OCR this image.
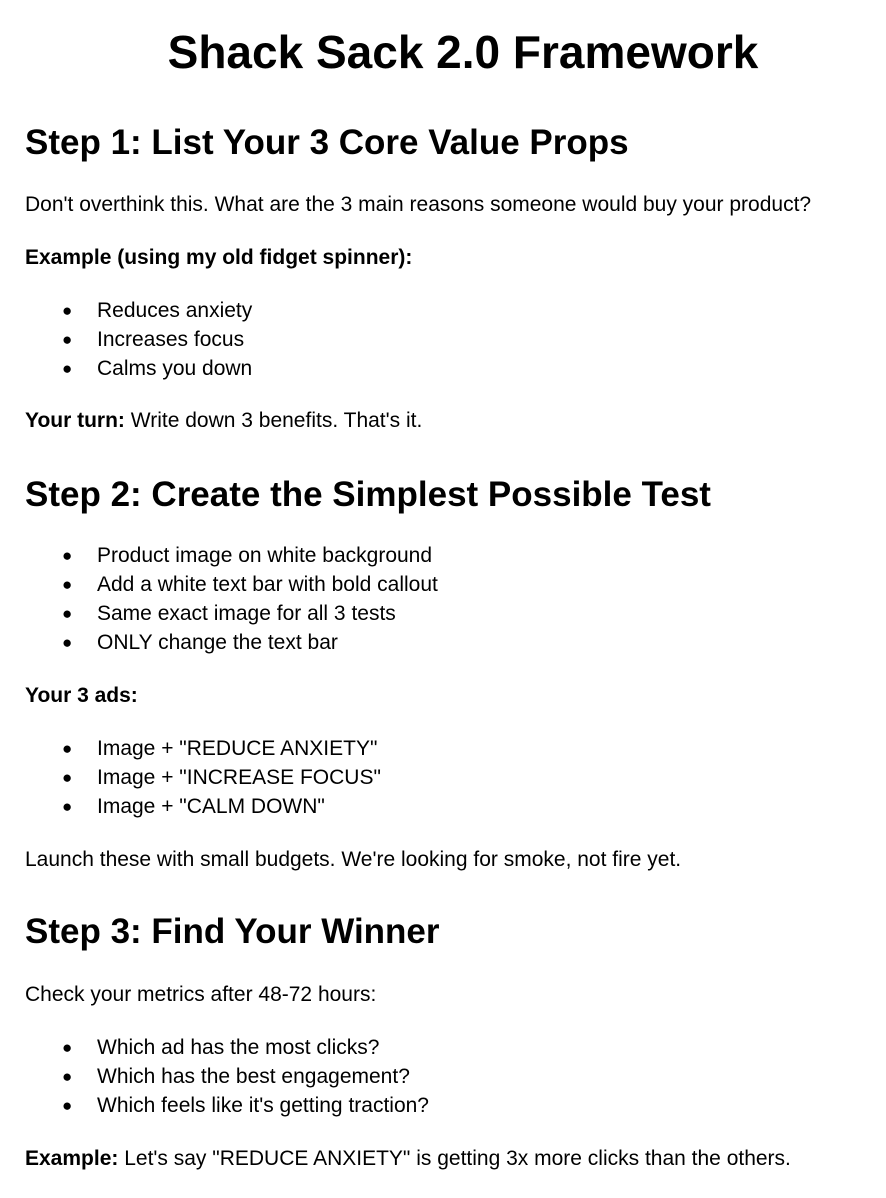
Shack Sack 2.0 Framework
Step 1: List Your 3 Core Value Props
Don't overthink this. What are the 3 main reasons someone would buy your product?
Example (using my old fidget spinner):
● Reduces anxiety
● Increases focus
● Calms you down
Your turn: Write down 3 benefits. That's it.
Step 2: Create the Simplest Possible Test
● Product image on white background
● Add a white text bar with bold callout
● Same exact image for all 3 tests
● ONLY change the text bar
Your 3 ads:
● Image + "REDUCE ANXIETY"
● Image + "INCREASE FOCUS"
● Image + "CALM DOWN"
Launch these with small budgets. We're looking for smoke, not fire yet.
Step 3: Find Your Winner
Check your metrics after 48-72 hours:
● Which ad has the most clicks?
● Which has the best engagement?
● Which feels like it's getting traction?
Example: Let's say "REDUCE ANXIETY" is getting 3x more clicks than the others.
